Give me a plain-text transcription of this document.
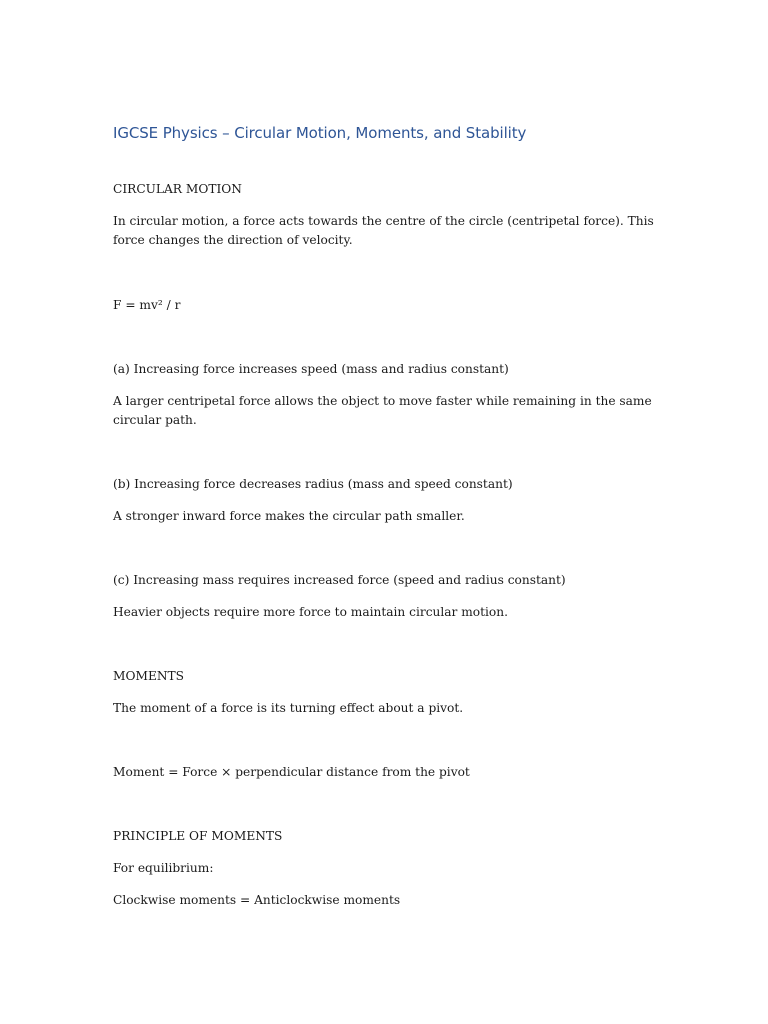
IGCSE Physics – Circular Motion, Moments, and Stability

CIRCULAR MOTION

In circular motion, a force acts towards the centre of the circle (centripetal force). This force changes the direction of velocity.

F = mv² / r

(a) Increasing force increases speed (mass and radius constant)

A larger centripetal force allows the object to move faster while remaining in the same circular path.

(b) Increasing force decreases radius (mass and speed constant)

A stronger inward force makes the circular path smaller.

(c) Increasing mass requires increased force (speed and radius constant)

Heavier objects require more force to maintain circular motion.

MOMENTS

The moment of a force is its turning effect about a pivot.

Moment = Force × perpendicular distance from the pivot

PRINCIPLE OF MOMENTS

For equilibrium:

Clockwise moments = Anticlockwise moments
